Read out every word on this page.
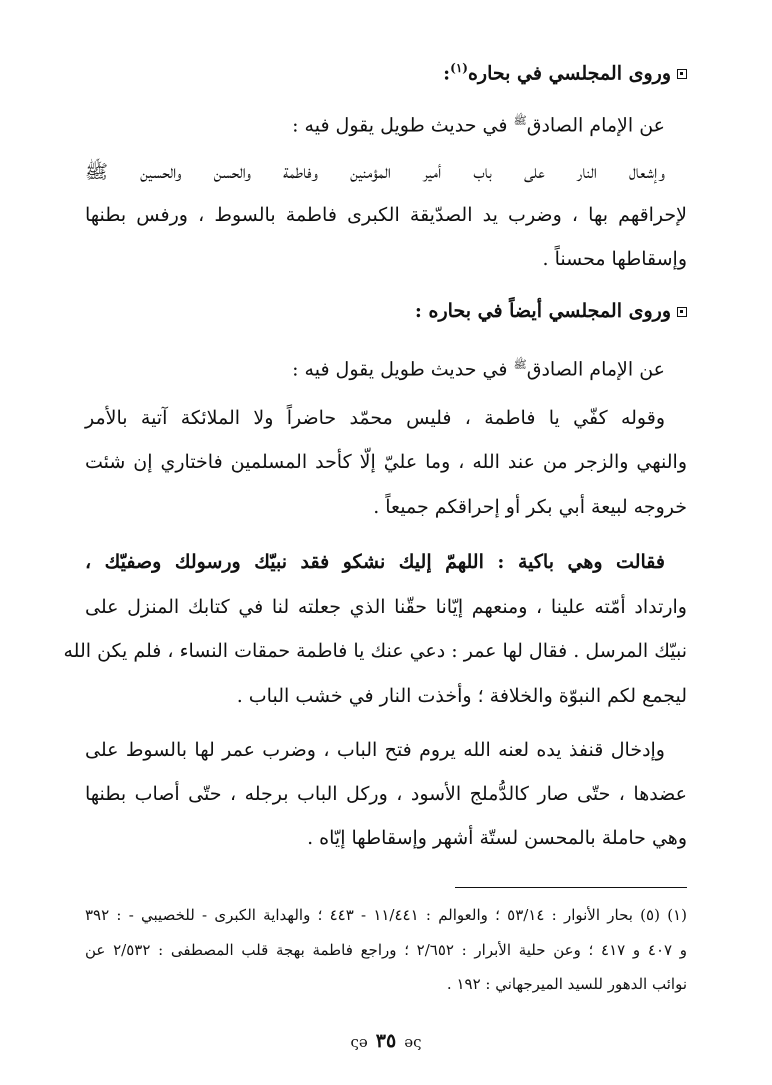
وروى المجلسي في بحاره$^{(١)}$:
عن الإمام الصادق$^ﷺ$ في حديث طويل يقول فيه :
وإشعال النار على باب أمير المؤمنين وفاطمة والحسن والحسين ﷺ
لإحراقهم بها ، وضرب يد الصدّيقة الكبرى فاطمة بالسوط ، ورفس بطنها
وإسقاطها محسناً .
وروى المجلسي أيضاً في بحاره :
عن الإمام الصادق$^ﷺ$ في حديث طويل يقول فيه :
وقوله كفّي يا فاطمة ، فليس محمّد حاضراً ولا الملائكة آتية بالأمر
والنهي والزجر من عند الله ، وما عليّ إلّا كأحد المسلمين فاختاري إن شئت
خروجه لبيعة أبي بكر أو إحراقكم جميعاً .
فقالت وهي باكية : اللهمّ إليك نشكو فقد نبيّك ورسولك وصفيّك ،
وارتداد أمّته علينا ، ومنعهم إيّانا حقّنا الذي جعلته لنا في كتابك المنزل على
نبيّك المرسل . فقال لها عمر : دعي عنك يا فاطمة حمقات النساء ، فلم يكن الله
ليجمع لكم النبوّة والخلافة ؛ وأخذت النار في خشب الباب .
وإدخال قنفذ يده لعنه الله يروم فتح الباب ، وضرب عمر لها بالسوط على
عضدها ، حتّى صار كالدُّملج الأسود ، وركل الباب برجله ، حتّى أصاب بطنها
وهي حاملة بالمحسن لستّة أشهر وإسقاطها إيّاه .
(١) (٥) بحار الأنوار : ٥٣/١٤ ؛ والعوالم : ١١/٤٤١ - ٤٤٣ ؛ والهداية الكبرى - للخصيبي - : ٣٩٢
و ٤٠٧ و ٤١٧ ؛ وعن حلية الأبرار : ٢/٦٥٢ ؛ وراجع فاطمة بهجة قلب المصطفى : ٢/٥٣٢ عن
نوائب الدهور للسيد الميرجهاني : ١٩٢ .
ςə ٣٥ əς
